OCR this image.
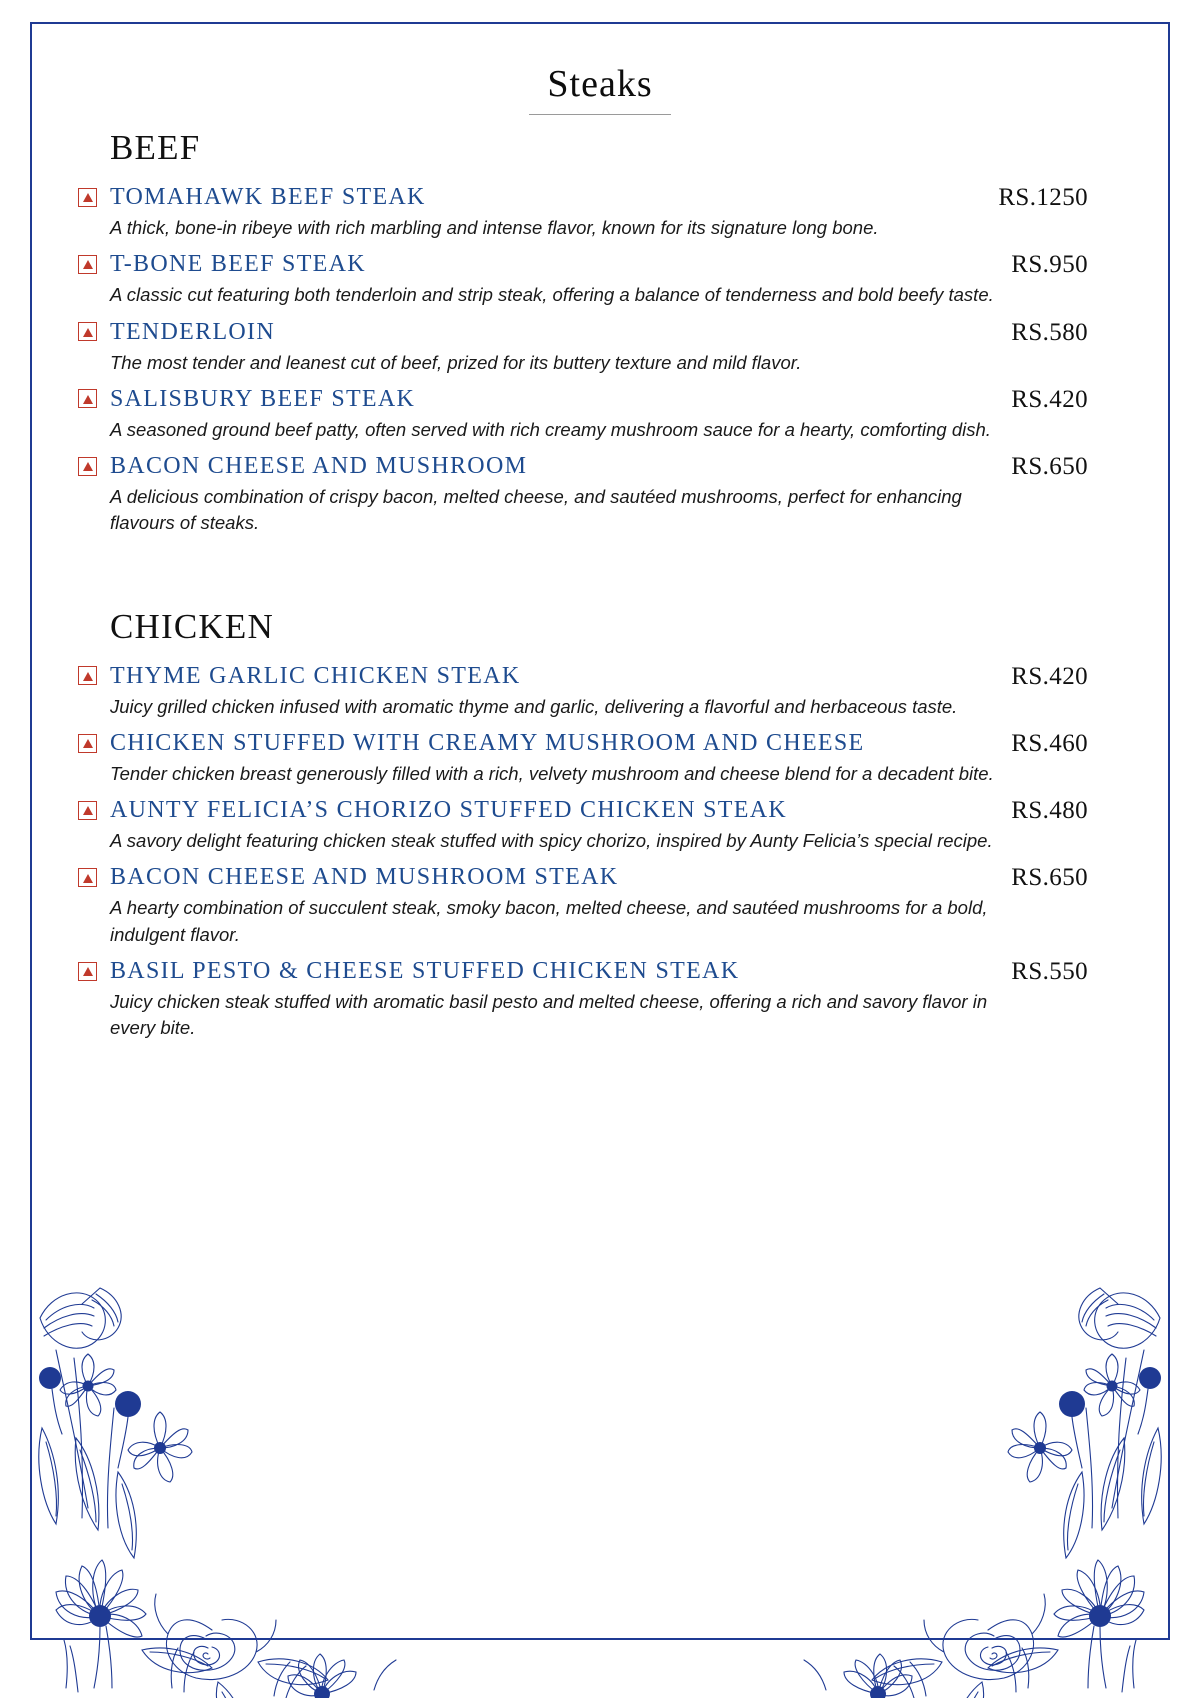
Steaks
BEEF
TOMAHAWK BEEF STEAK	RS.1250
A thick, bone-in ribeye with rich marbling and intense flavor, known for its signature long bone.
T-BONE BEEF STEAK	RS.950
A classic cut featuring both tenderloin and strip steak, offering a balance of tenderness and bold beefy taste.
TENDERLOIN	RS.580
The most tender and leanest cut of beef, prized for its buttery texture and mild flavor.
SALISBURY BEEF STEAK	RS.420
A seasoned ground beef patty, often served with rich creamy mushroom sauce for a hearty, comforting dish.
BACON CHEESE AND MUSHROOM	RS.650
A delicious combination of crispy bacon, melted cheese, and sautéed mushrooms, perfect for enhancing flavours of steaks.
CHICKEN
THYME GARLIC CHICKEN STEAK	RS.420
Juicy grilled chicken infused with aromatic thyme and garlic, delivering a flavorful and herbaceous taste.
CHICKEN STUFFED WITH CREAMY MUSHROOM AND CHEESE	RS.460
Tender chicken breast generously filled with a rich, velvety mushroom and cheese blend for a decadent bite.
AUNTY FELICIA’S CHORIZO STUFFED CHICKEN STEAK	RS.480
A savory delight featuring chicken steak stuffed with spicy chorizo, inspired by Aunty Felicia’s special recipe.
BACON CHEESE AND MUSHROOM STEAK	RS.650
A hearty combination of succulent steak, smoky bacon, melted cheese, and sautéed mushrooms for a bold, indulgent flavor.
BASIL PESTO & CHEESE STUFFED CHICKEN STEAK	RS.550
Juicy chicken steak stuffed with aromatic basil pesto and melted cheese, offering a rich and savory flavor in every bite.
